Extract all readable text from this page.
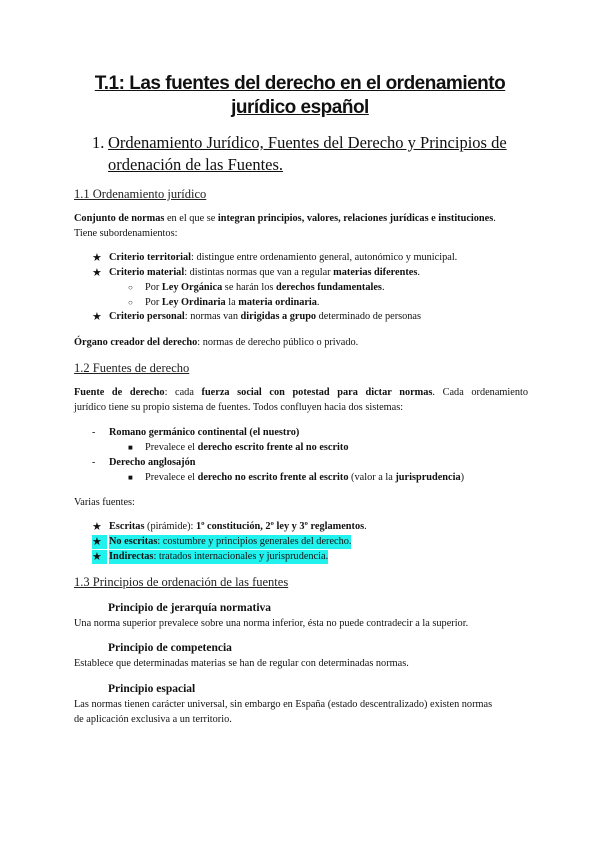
T.1: Las fuentes del derecho en el ordenamiento
jurídico español
1. Ordenamiento Jurídico, Fuentes del Derecho y Principios de
ordenación de las Fuentes.
1.1 Ordenamiento jurídico
Conjunto de normas en el que se integran principios, valores, relaciones jurídicas e instituciones.
Tiene subordenamientos:
★ Criterio territorial: distingue entre ordenamiento general, autonómico y municipal.
★ Criterio material: distintas normas que van a regular materias diferentes.
○ Por Ley Orgánica se harán los derechos fundamentales.
○ Por Ley Ordinaria la materia ordinaria.
★ Criterio personal: normas van dirigidas a grupo determinado de personas
Órgano creador del derecho: normas de derecho público o privado.
1.2 Fuentes de derecho
Fuente de derecho: cada fuerza social con potestad para dictar normas. Cada ordenamiento
jurídico tiene su propio sistema de fuentes. Todos confluyen hacia dos sistemas:
- Romano germánico continental (el nuestro)
■ Prevalece el derecho escrito frente al no escrito
- Derecho anglosajón
■ Prevalece el derecho no escrito frente al escrito (valor a la jurisprudencia)
Varias fuentes:
★ Escritas (pirámide): 1º constitución, 2º ley y 3º reglamentos.
★ No escritas: costumbre y principios generales del derecho.
★ Indirectas: tratados internacionales y jurisprudencia.
1.3 Principios de ordenación de las fuentes
Principio de jerarquía normativa
Una norma superior prevalece sobre una norma inferior, ésta no puede contradecir a la superior.
Principio de competencia
Establece que determinadas materias se han de regular con determinadas normas.
Principio espacial
Las normas tienen carácter universal, sin embargo en España (estado descentralizado) existen normas
de aplicación exclusiva a un territorio.
